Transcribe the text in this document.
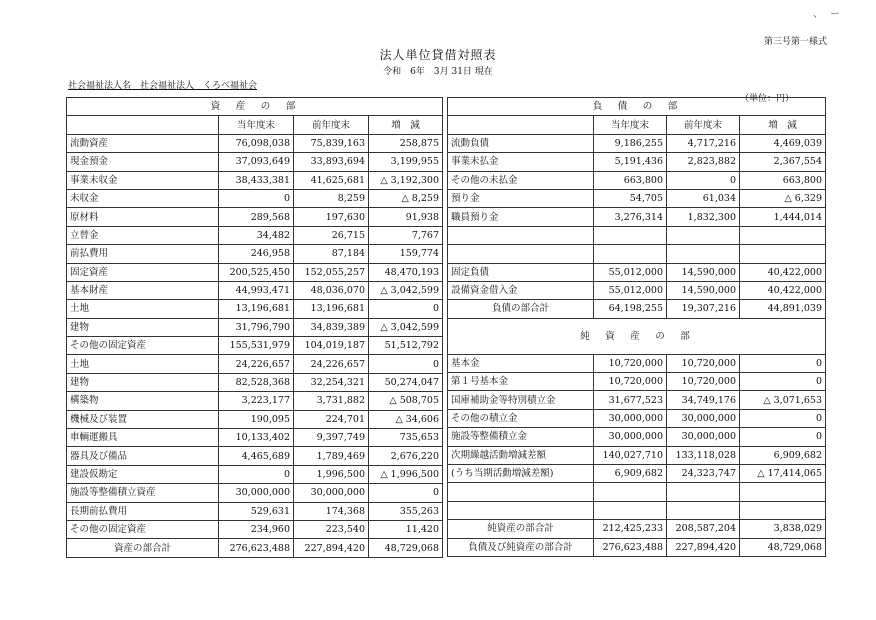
、 ー
第三号第一様式
法人単位貸借対照表
令和　6年　3月 31日 現在
社会福祉法人名　社会福祉法人　くろべ福祉会
（単位：円）
資　産　の　部			
	当年度末	前年度末	増　減
流動資産	76,098,038	75,839,163	258,875
現金預金	37,093,649	33,893,694	3,199,955
事業未収金	38,433,381	41,625,681	△ 3,192,300
未収金	0	8,259	△ 8,259
原材料	289,568	197,630	91,938
立替金	34,482	26,715	7,767
前払費用	246,958	87,184	159,774
固定資産	200,525,450	152,055,257	48,470,193
基本財産	44,993,471	48,036,070	△ 3,042,599
土地	13,196,681	13,196,681	0
建物	31,796,790	34,839,389	△ 3,042,599
その他の固定資産	155,531,979	104,019,187	51,512,792
土地	24,226,657	24,226,657	0
建物	82,528,368	32,254,321	50,274,047
構築物	3,223,177	3,731,882	△ 508,705
機械及び装置	190,095	224,701	△ 34,606
車輌運搬具	10,133,402	9,397,749	735,653
器具及び備品	4,465,689	1,789,469	2,676,220
建設仮勘定	0	1,996,500	△ 1,996,500
施設等整備積立資産	30,000,000	30,000,000	0
長期前払費用	529,631	174,368	355,263
その他の固定資産	234,960	223,540	11,420
資産の部合計	276,623,488	227,894,420	48,729,068
負　債　の　部			
	当年度末	前年度末	増　減
流動負債	9,186,255	4,717,216	4,469,039
事業未払金	5,191,436	2,823,882	2,367,554
その他の未払金	663,800	0	663,800
預り金	54,705	61,034	△ 6,329
職員預り金	3,276,314	1,832,300	1,444,014

固定負債	55,012,000	14,590,000	40,422,000
設備資金借入金	55,012,000	14,590,000	40,422,000
負債の部合計	64,198,255	19,307,216	44,891,039
純　資　産　の　部			
基本金	10,720,000	10,720,000	0
第１号基本金	10,720,000	10,720,000	0
国庫補助金等特別積立金	31,677,523	34,749,176	△ 3,071,653
その他の積立金	30,000,000	30,000,000	0
施設等整備積立金	30,000,000	30,000,000	0
次期繰越活動増減差額	140,027,710	133,118,028	6,909,682
(うち当期活動増減差額)	6,909,682	24,323,747	△ 17,414,065

純資産の部合計	212,425,233	208,587,204	3,838,029
負債及び純資産の部合計	276,623,488	227,894,420	48,729,068
